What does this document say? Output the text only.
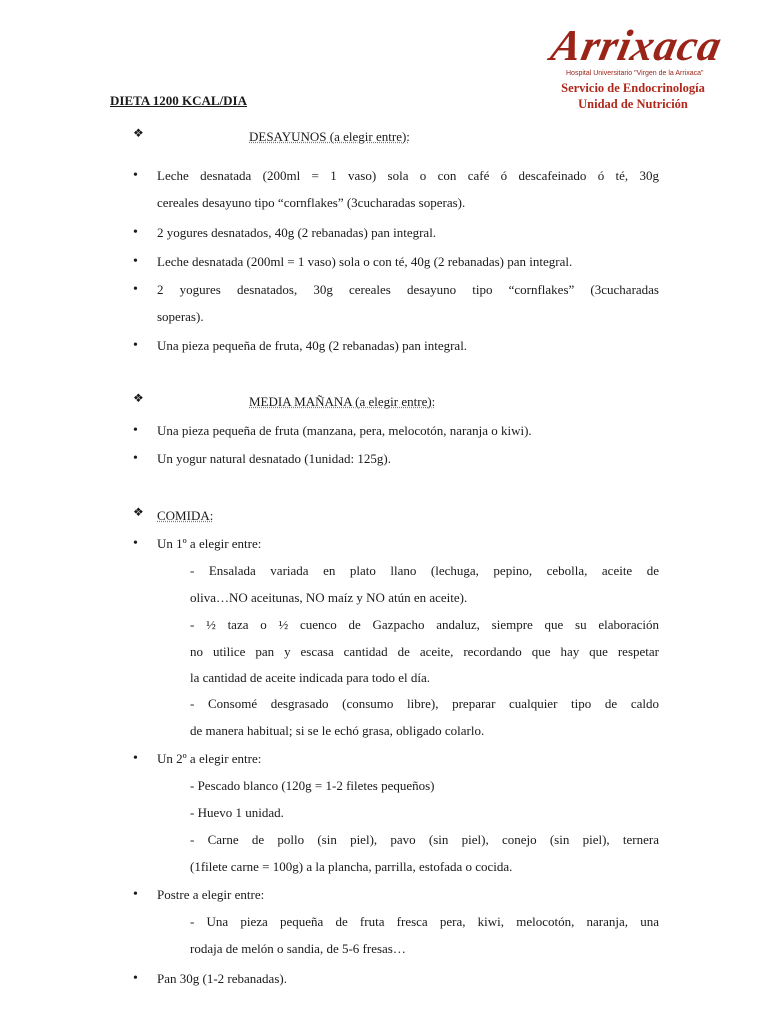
Arrixaca
Hospital Universitario "Virgen de la Arrixaca"
Servicio de Endocrinología
Unidad de Nutrición
DIETA 1200 KCAL/DIA
❖	DESAYUNOS (a elegir entre):
• Leche desnatada (200ml = 1 vaso) sola o con café ó descafeinado ó té, 30g
cereales desayuno tipo “cornflakes” (3cucharadas soperas).
• 2 yogures desnatados, 40g (2 rebanadas) pan integral.
• Leche desnatada (200ml = 1 vaso) sola o con té, 40g (2 rebanadas) pan integral.
• 2 yogures desnatados, 30g cereales desayuno tipo “cornflakes” (3cucharadas
soperas).
• Una pieza pequeña de fruta, 40g (2 rebanadas) pan integral.
❖	MEDIA MAÑANA (a elegir entre):
• Una pieza pequeña de fruta (manzana, pera, melocotón, naranja o kiwi).
• Un yogur natural desnatado (1unidad: 125g).
❖ COMIDA:
• Un 1º a elegir entre:
- Ensalada variada en plato llano (lechuga, pepino, cebolla, aceite de
oliva…NO aceitunas, NO maíz y NO atún en aceite).
- ½ taza o ½ cuenco de Gazpacho andaluz, siempre que su elaboración
no utilice pan y escasa cantidad de aceite, recordando que hay que respetar
la cantidad de aceite indicada para todo el día.
- Consomé desgrasado (consumo libre), preparar cualquier tipo de caldo
de manera habitual; si se le echó grasa, obligado colarlo.
• Un 2º a elegir entre:
- Pescado blanco (120g = 1-2 filetes pequeños)
- Huevo 1 unidad.
- Carne de pollo (sin piel), pavo (sin piel), conejo (sin piel), ternera
(1filete carne = 100g) a la plancha, parrilla, estofada o cocida.
• Postre a elegir entre:
- Una pieza pequeña de fruta fresca pera, kiwi, melocotón, naranja, una
rodaja de melón o sandia, de 5-6 fresas…
• Pan 30g (1-2 rebanadas).
